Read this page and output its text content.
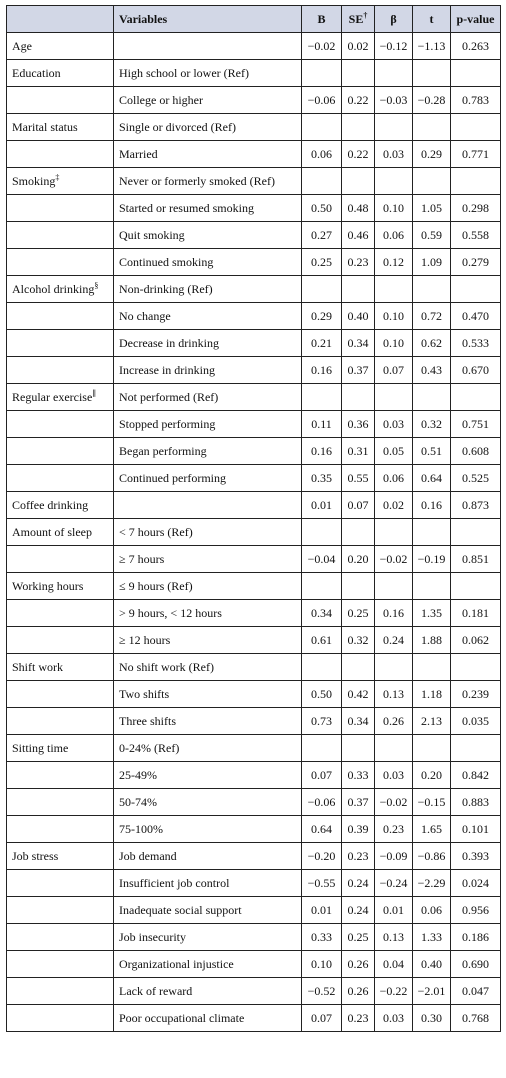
	Variables	B	SE†	β	t	p-value
Age		−0.02	0.02	−0.12	−1.13	0.263
Education	High school or lower (Ref)					
	College or higher	−0.06	0.22	−0.03	−0.28	0.783
Marital status	Single or divorced (Ref)					
	Married	0.06	0.22	0.03	0.29	0.771
Smoking‡	Never or formerly smoked (Ref)					
	Started or resumed smoking	0.50	0.48	0.10	1.05	0.298
	Quit smoking	0.27	0.46	0.06	0.59	0.558
	Continued smoking	0.25	0.23	0.12	1.09	0.279
Alcohol drinking§	Non-drinking (Ref)					
	No change	0.29	0.40	0.10	0.72	0.470
	Decrease in drinking	0.21	0.34	0.10	0.62	0.533
	Increase in drinking	0.16	0.37	0.07	0.43	0.670
Regular exercise∥	Not performed (Ref)					
	Stopped performing	0.11	0.36	0.03	0.32	0.751
	Began performing	0.16	0.31	0.05	0.51	0.608
	Continued performing	0.35	0.55	0.06	0.64	0.525
Coffee drinking		0.01	0.07	0.02	0.16	0.873
Amount of sleep	< 7 hours (Ref)					
	≥ 7 hours	−0.04	0.20	−0.02	−0.19	0.851
Working hours	≤ 9 hours (Ref)					
	> 9 hours, < 12 hours	0.34	0.25	0.16	1.35	0.181
	≥ 12 hours	0.61	0.32	0.24	1.88	0.062
Shift work	No shift work (Ref)					
	Two shifts	0.50	0.42	0.13	1.18	0.239
	Three shifts	0.73	0.34	0.26	2.13	0.035
Sitting time	0-24% (Ref)					
	25-49%	0.07	0.33	0.03	0.20	0.842
	50-74%	−0.06	0.37	−0.02	−0.15	0.883
	75-100%	0.64	0.39	0.23	1.65	0.101
Job stress	Job demand	−0.20	0.23	−0.09	−0.86	0.393
	Insufficient job control	−0.55	0.24	−0.24	−2.29	0.024
	Inadequate social support	0.01	0.24	0.01	0.06	0.956
	Job insecurity	0.33	0.25	0.13	1.33	0.186
	Organizational injustice	0.10	0.26	0.04	0.40	0.690
	Lack of reward	−0.52	0.26	−0.22	−2.01	0.047
	Poor occupational climate	0.07	0.23	0.03	0.30	0.768
